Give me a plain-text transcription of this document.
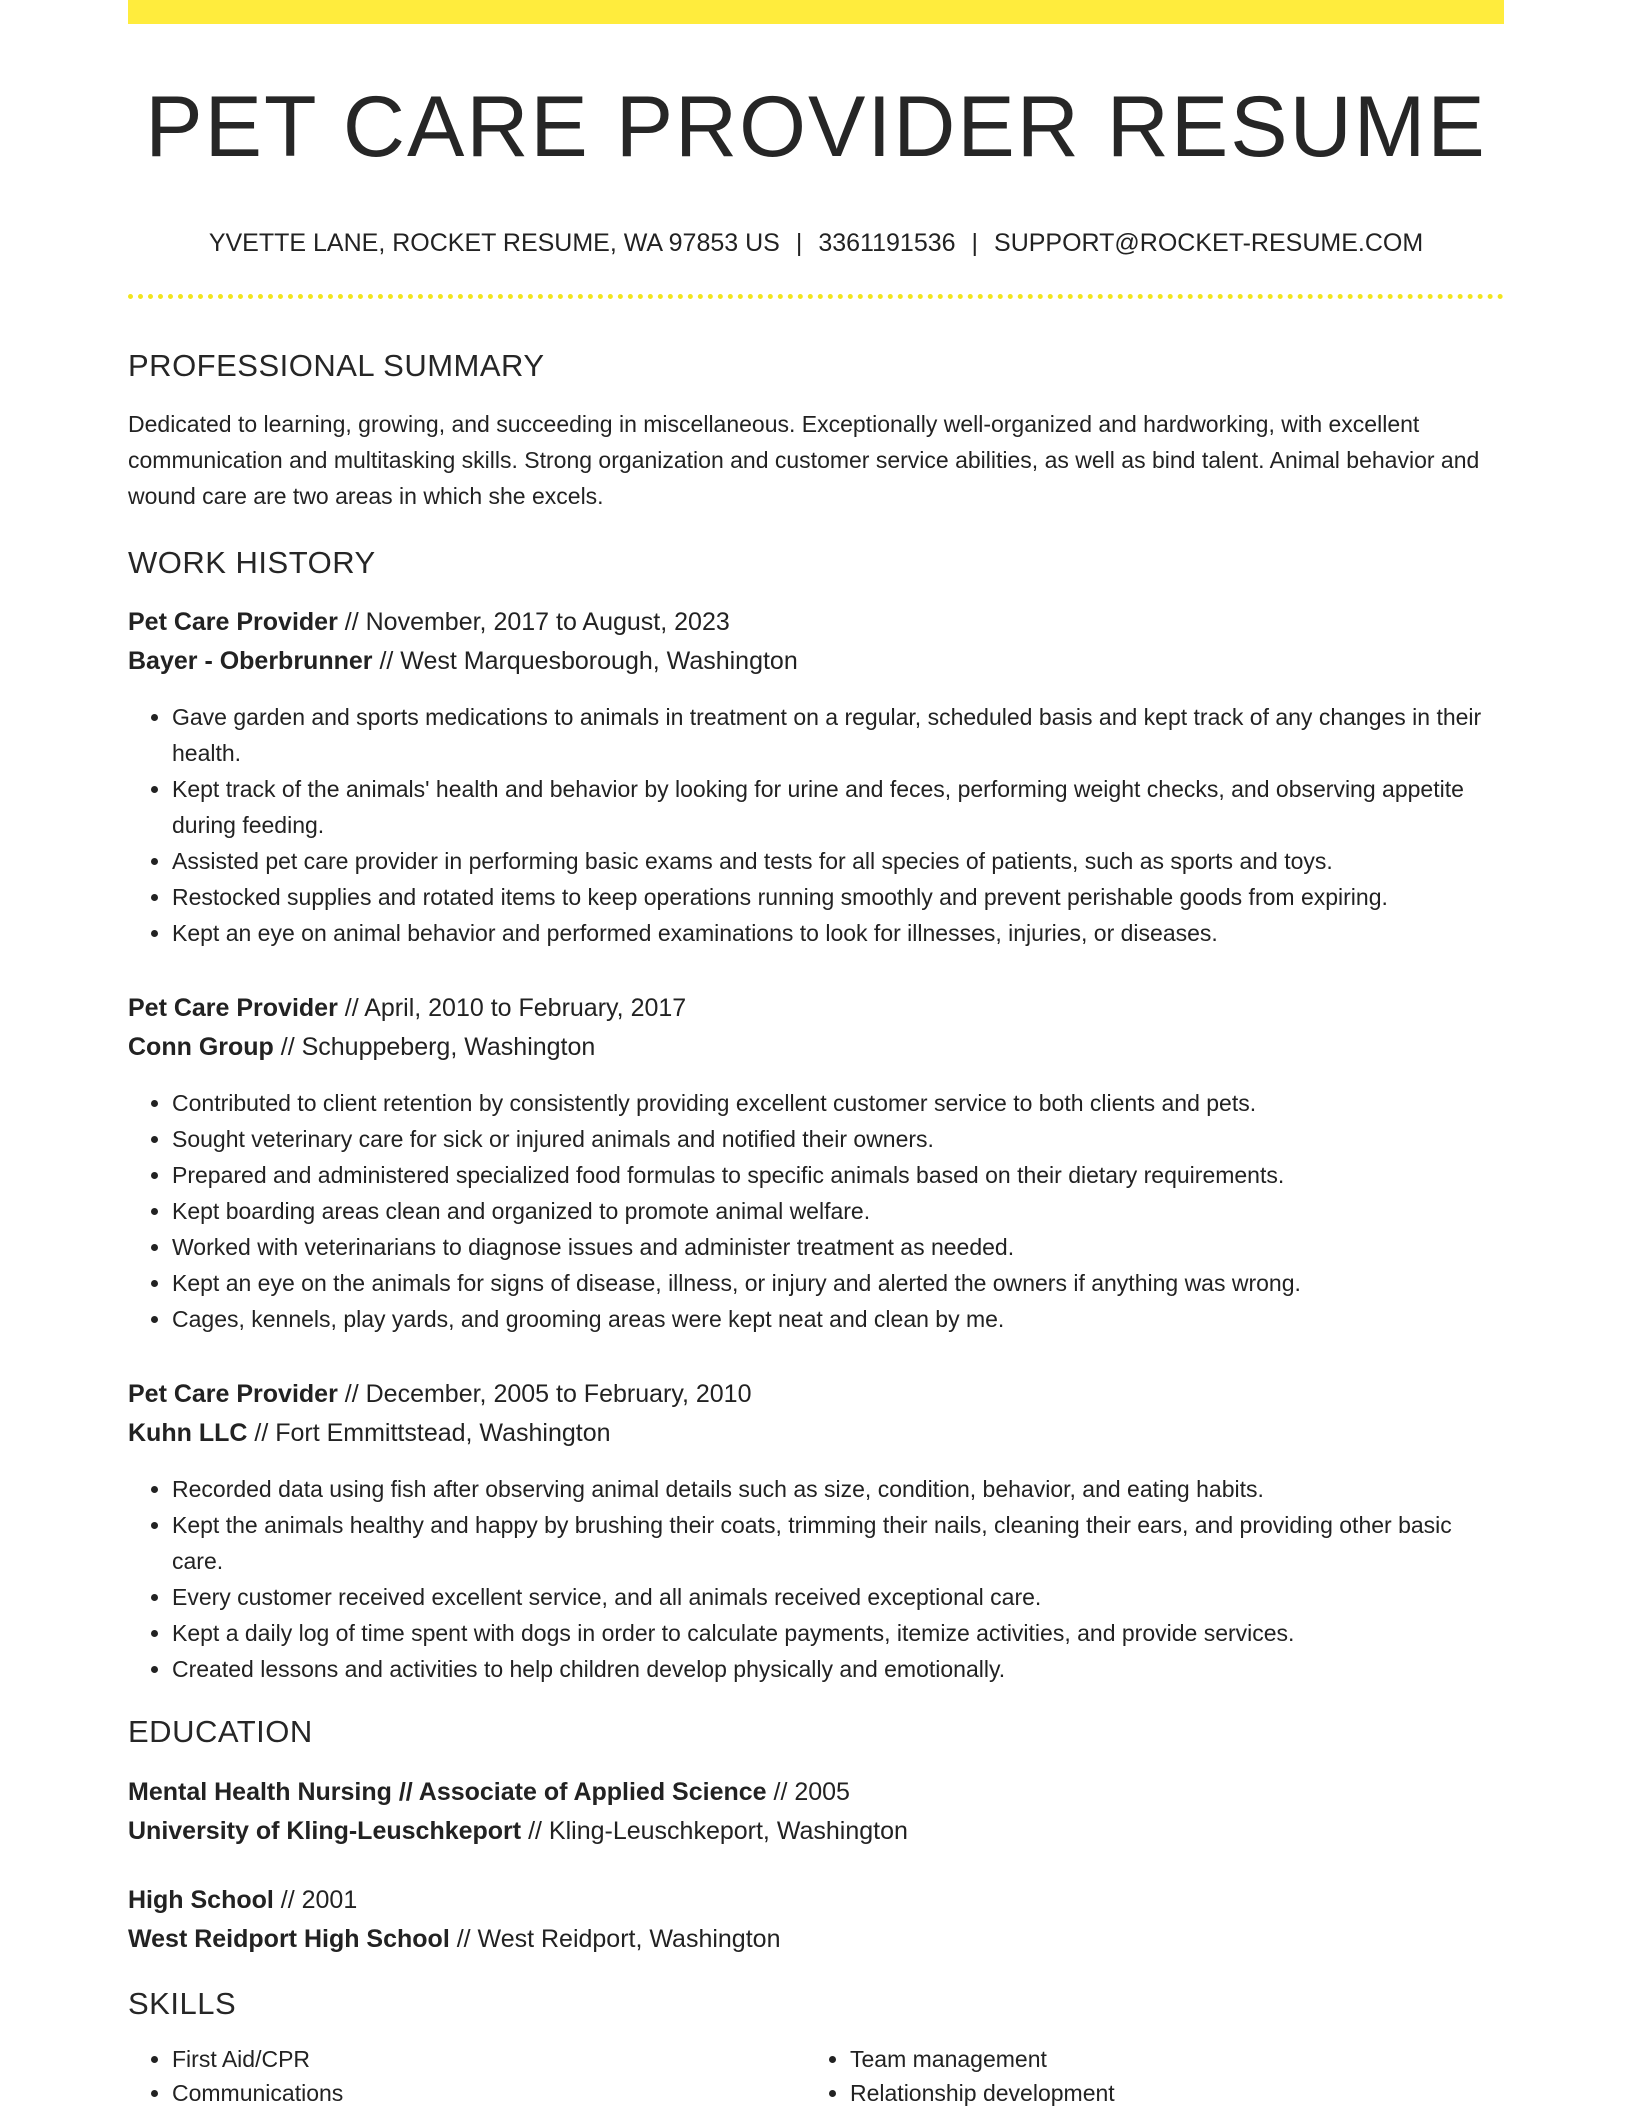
PET CARE PROVIDER RESUME
YVETTE LANE, ROCKET RESUME, WA 97853 US | 3361191536 | SUPPORT@ROCKET-RESUME.COM
PROFESSIONAL SUMMARY

Dedicated to learning, growing, and succeeding in miscellaneous. Exceptionally well-organized and hardworking, with excellent communication and multitasking skills. Strong organization and customer service abilities, as well as bind talent. Animal behavior and wound care are two areas in which she excels.

WORK HISTORY
Pet Care Provider // November, 2017 to August, 2023
Bayer - Oberbrunner // West Marquesborough, Washington
• Gave garden and sports medications to animals in treatment on a regular, scheduled basis and kept track of any changes in their health.
• Kept track of the animals' health and behavior by looking for urine and feces, performing weight checks, and observing appetite during feeding.
• Assisted pet care provider in performing basic exams and tests for all species of patients, such as sports and toys.
• Restocked supplies and rotated items to keep operations running smoothly and prevent perishable goods from expiring.
• Kept an eye on animal behavior and performed examinations to look for illnesses, injuries, or diseases.
Pet Care Provider // April, 2010 to February, 2017
Conn Group // Schuppeberg, Washington
• Contributed to client retention by consistently providing excellent customer service to both clients and pets.
• Sought veterinary care for sick or injured animals and notified their owners.
• Prepared and administered specialized food formulas to specific animals based on their dietary requirements.
• Kept boarding areas clean and organized to promote animal welfare.
• Worked with veterinarians to diagnose issues and administer treatment as needed.
• Kept an eye on the animals for signs of disease, illness, or injury and alerted the owners if anything was wrong.
• Cages, kennels, play yards, and grooming areas were kept neat and clean by me.
Pet Care Provider // December, 2005 to February, 2010
Kuhn LLC // Fort Emmittstead, Washington
• Recorded data using fish after observing animal details such as size, condition, behavior, and eating habits.
• Kept the animals healthy and happy by brushing their coats, trimming their nails, cleaning their ears, and providing other basic care.
• Every customer received excellent service, and all animals received exceptional care.
• Kept a daily log of time spent with dogs in order to calculate payments, itemize activities, and provide services.
• Created lessons and activities to help children develop physically and emotionally.
EDUCATION
Mental Health Nursing // Associate of Applied Science // 2005
University of Kling-Leuschkeport // Kling-Leuschkeport, Washington
High School // 2001
West Reidport High School // West Reidport, Washington
SKILLS
• First Aid/CPR
• Communications
• Team management
• Relationship development
